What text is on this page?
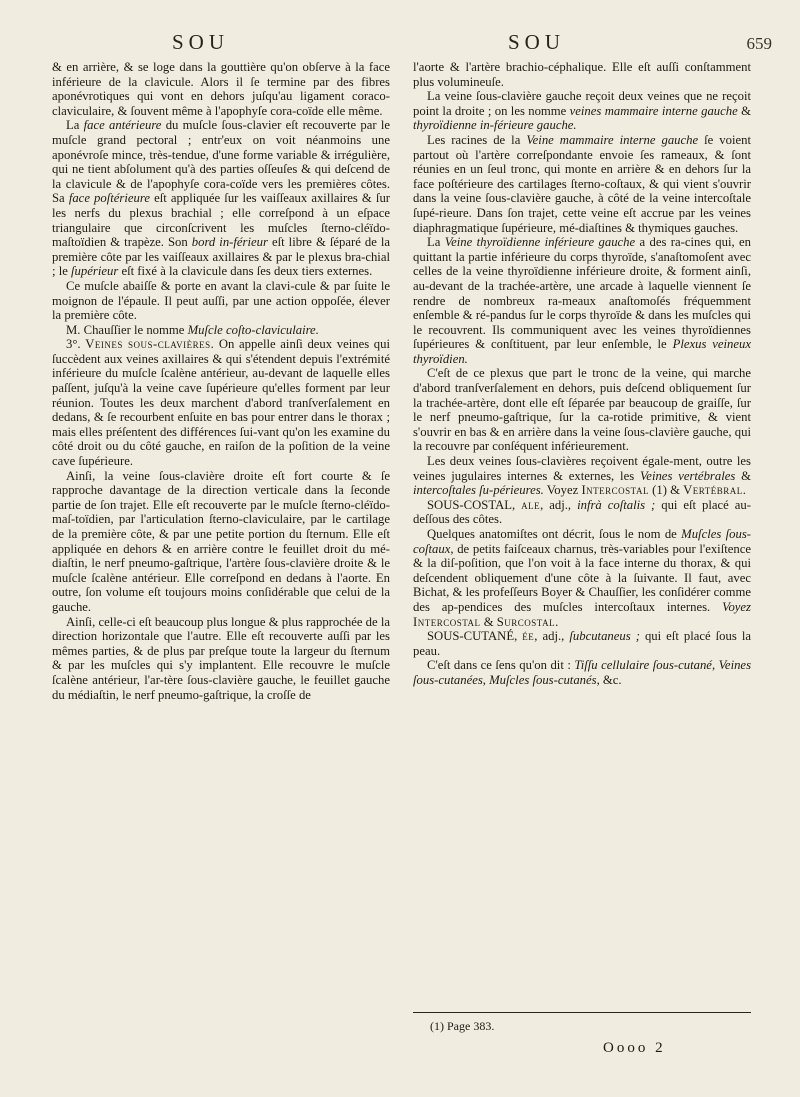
SOU	SOU	659

& en arrière, & se loge dans la gouttière qu'on obſerve à la face inférieure de la clavicule. Alors il ſe termine par des fibres aponévrotiques qui vont en dehors juſqu'au ligament coraco-claviculaire, & ſouvent même à l'apophyſe cora-coïde elle même.

La face antérieure du muſcle ſous-clavier eſt recouverte par le muſcle grand pectoral ; entr'eux on voit néanmoins une aponévroſe mince, très-tendue, d'une forme variable & irrégulière, qui ne tient abſolument qu'à des parties oſſeuſes & qui deſcend de la clavicule & de l'apophyſe cora-coïde vers les premières côtes. Sa face poſtérieure eſt appliquée ſur les vaiſſeaux axillaires & ſur les nerfs du plexus brachial ; elle correſpond à un eſpace triangulaire que circonſcrivent les muſcles ſterno-cléïdo-maſtoïdien & trapèze. Son bord in-férieur eſt libre & ſéparé de la première côte par les vaiſſeaux axillaires & par le plexus bra-chial ; le ſupérieur eſt fixé à la clavicule dans ſes deux tiers externes.

Ce muſcle abaiſſe & porte en avant la clavi-cule & par ſuite le moignon de l'épaule. Il peut auſſi, par une action oppoſée, élever la première côte.

M. Chauſſier le nomme Muſcle coſto-claviculaire.

3°. Veines sous-clavières. On appelle ainſi deux veines qui ſuccèdent aux veines axillaires & qui s'étendent depuis l'extrémité inférieure du muſcle ſcalène antérieur, au-devant de laquelle elles paſſent, juſqu'à la veine cave ſupérieure qu'elles forment par leur réunion. Toutes les deux marchent d'abord tranſverſalement en dedans, & ſe recourbent enſuite en bas pour entrer dans le thorax ; mais elles préſentent des différences ſui-vant qu'on les examine du côté droit ou du côté gauche, en raiſon de la poſition de la veine cave ſupérieure.

Ainſi, la veine ſous-clavière droite eſt fort courte & ſe rapproche davantage de la direction verticale dans la ſeconde partie de ſon trajet. Elle eſt recouverte par le muſcle ſterno-cléïdo-maſ-toïdien, par l'articulation ſterno-claviculaire, par le cartilage de la première côte, & par une petite portion du ſternum. Elle eſt appliquée en dehors & en arrière contre le feuillet droit du mé-diaſtin, le nerf pneumo-gaſtrique, l'artère ſous-clavière droite & le muſcle ſcalène antérieur. Elle correſpond en dedans à l'aorte. En outre, ſon volume eſt toujours moins conſidérable que celui de la gauche.

Ainſi, celle-ci eſt beaucoup plus longue & plus rapprochée de la direction horizontale que l'autre. Elle eſt recouverte auſſi par les mêmes parties, & de plus par preſque toute la largeur du ſternum & par les muſcles qui s'y implantent. Elle recouvre le muſcle ſcalène antérieur, l'ar-tère ſous-clavière gauche, le feuillet gauche du médiaſtin, le nerf pneumo-gaſtrique, la croſſe de

l'aorte & l'artère brachio-céphalique. Elle eſt auſſi conſtamment plus volumineuſe.

La veine ſous-clavière gauche reçoit deux veines que ne reçoit point la droite ; on les nomme veines mammaire interne gauche & thyroïdienne in-férieure gauche.

Les racines de la Veine mammaire interne gauche ſe voient partout où l'artère correſpondante envoie ſes rameaux, & ſont réunies en un ſeul tronc, qui monte en arrière & en dehors ſur la face poſtérieure des cartilages ſterno-coſtaux, & qui vient s'ouvrir dans la veine ſous-clavière gauche, à côté de la veine intercoſtale ſupé-rieure. Dans ſon trajet, cette veine eſt accrue par les veines diaphragmatique ſupérieure, mé-diaſtines & thymiques gauches.

La Veine thyroïdienne inférieure gauche a des ra-cines qui, en quittant la partie inférieure du corps thyroïde, s'anaſtomoſent avec celles de la veine thyroïdienne inférieure droite, & forment ainſi, au-devant de la trachée-artère, une arcade à laquelle viennent ſe rendre de nombreux ra-meaux anaſtomoſés fréquemment enſemble & ré-pandus ſur le corps thyroïde & dans les muſcles qui le recouvrent. Ils communiquent avec les veines thyroïdiennes ſupérieures & conſtituent, par leur enſemble, le Plexus veineux thyroïdien.

C'eſt de ce plexus que part le tronc de la veine, qui marche d'abord tranſverſalement en dehors, puis deſcend obliquement ſur la trachée-artère, dont elle eſt ſéparée par beaucoup de graiſſe, ſur le nerf pneumo-gaſtrique, ſur la ca-rotide primitive, & vient s'ouvrir en bas & en arrière dans la veine ſous-clavière gauche, qui la recouvre par conſéquent inférieurement.

Les deux veines ſous-clavières reçoivent égale-ment, outre les veines jugulaires internes & externes, les Veines vertébrales & intercoſtales ſu-périeures. Voyez Intercostal (1) & Vertébral.

SOUS-COSTAL, ale, adj., infrà coſtalis ; qui eſt placé au-deſſous des côtes.

Quelques anatomiſtes ont décrit, ſous le nom de Muſcles ſous-coſtaux, de petits faiſceaux charnus, très-variables pour l'exiſtence & la diſ-poſition, que l'on voit à la face interne du thorax, & qui deſcendent obliquement d'une côte à la ſuivante. Il faut, avec Bichat, & les profeſſeurs Boyer & Chauſſier, les conſidérer comme des ap-pendices des muſcles intercoſtaux internes. Voyez Intercostal & Surcostal.

SOUS-CUTANÉ, ée, adj., ſubcutaneus ; qui eſt placé ſous la peau.

C'eſt dans ce ſens qu'on dit : Tiſſu cellulaire ſous-cutané, Veines ſous-cutanées, Muſcles ſous-cutanés, &c.

(1) Page 383.
Oooo 2
